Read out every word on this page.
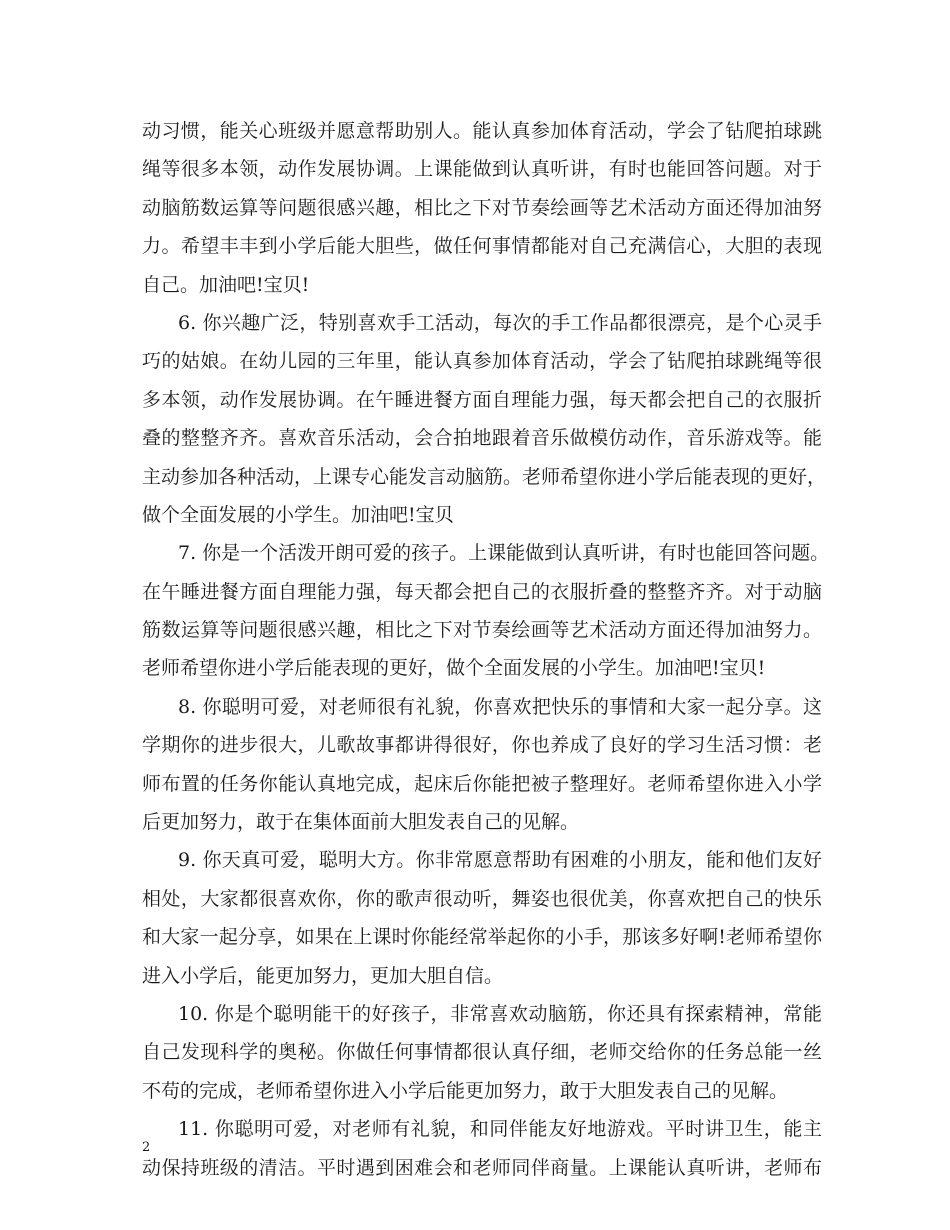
动习惯，能关心班级并愿意帮助别人。能认真参加体育活动，学会了钻爬拍球跳
绳等很多本领，动作发展协调。上课能做到认真听讲，有时也能回答问题。对于
动脑筋数运算等问题很感兴趣，相比之下对节奏绘画等艺术活动方面还得加油努
力。希望丰丰到小学后能大胆些，做任何事情都能对自己充满信心，大胆的表现
自己。加油吧!宝贝!
6. 你兴趣广泛，特别喜欢手工活动，每次的手工作品都很漂亮，是个心灵手
巧的姑娘。在幼儿园的三年里，能认真参加体育活动，学会了钻爬拍球跳绳等很
多本领，动作发展协调。在午睡进餐方面自理能力强，每天都会把自己的衣服折
叠的整整齐齐。喜欢音乐活动，会合拍地跟着音乐做模仿动作，音乐游戏等。能
主动参加各种活动，上课专心能发言动脑筋。老师希望你进小学后能表现的更好，
做个全面发展的小学生。加油吧!宝贝
7. 你是一个活泼开朗可爱的孩子。上课能做到认真听讲，有时也能回答问题。
在午睡进餐方面自理能力强，每天都会把自己的衣服折叠的整整齐齐。对于动脑
筋数运算等问题很感兴趣，相比之下对节奏绘画等艺术活动方面还得加油努力。
老师希望你进小学后能表现的更好，做个全面发展的小学生。加油吧!宝贝!
8. 你聪明可爱，对老师很有礼貌，你喜欢把快乐的事情和大家一起分享。这
学期你的进步很大，儿歌故事都讲得很好，你也养成了良好的学习生活习惯：老
师布置的任务你能认真地完成，起床后你能把被子整理好。老师希望你进入小学
后更加努力，敢于在集体面前大胆发表自己的见解。
9. 你天真可爱，聪明大方。你非常愿意帮助有困难的小朋友，能和他们友好
相处，大家都很喜欢你，你的歌声很动听，舞姿也很优美，你喜欢把自己的快乐
和大家一起分享，如果在上课时你能经常举起你的小手，那该多好啊!老师希望你
进入小学后，能更加努力，更加大胆自信。
10. 你是个聪明能干的好孩子，非常喜欢动脑筋，你还具有探索精神，常能
自己发现科学的奥秘。你做任何事情都很认真仔细，老师交给你的任务总能一丝
不苟的完成，老师希望你进入小学后能更加努力，敢于大胆发表自己的见解。
11. 你聪明可爱，对老师有礼貌，和同伴能友好地游戏。平时讲卫生，能主
动保持班级的清洁。平时遇到困难会和老师同伴商量。上课能认真听讲，老师布
2
